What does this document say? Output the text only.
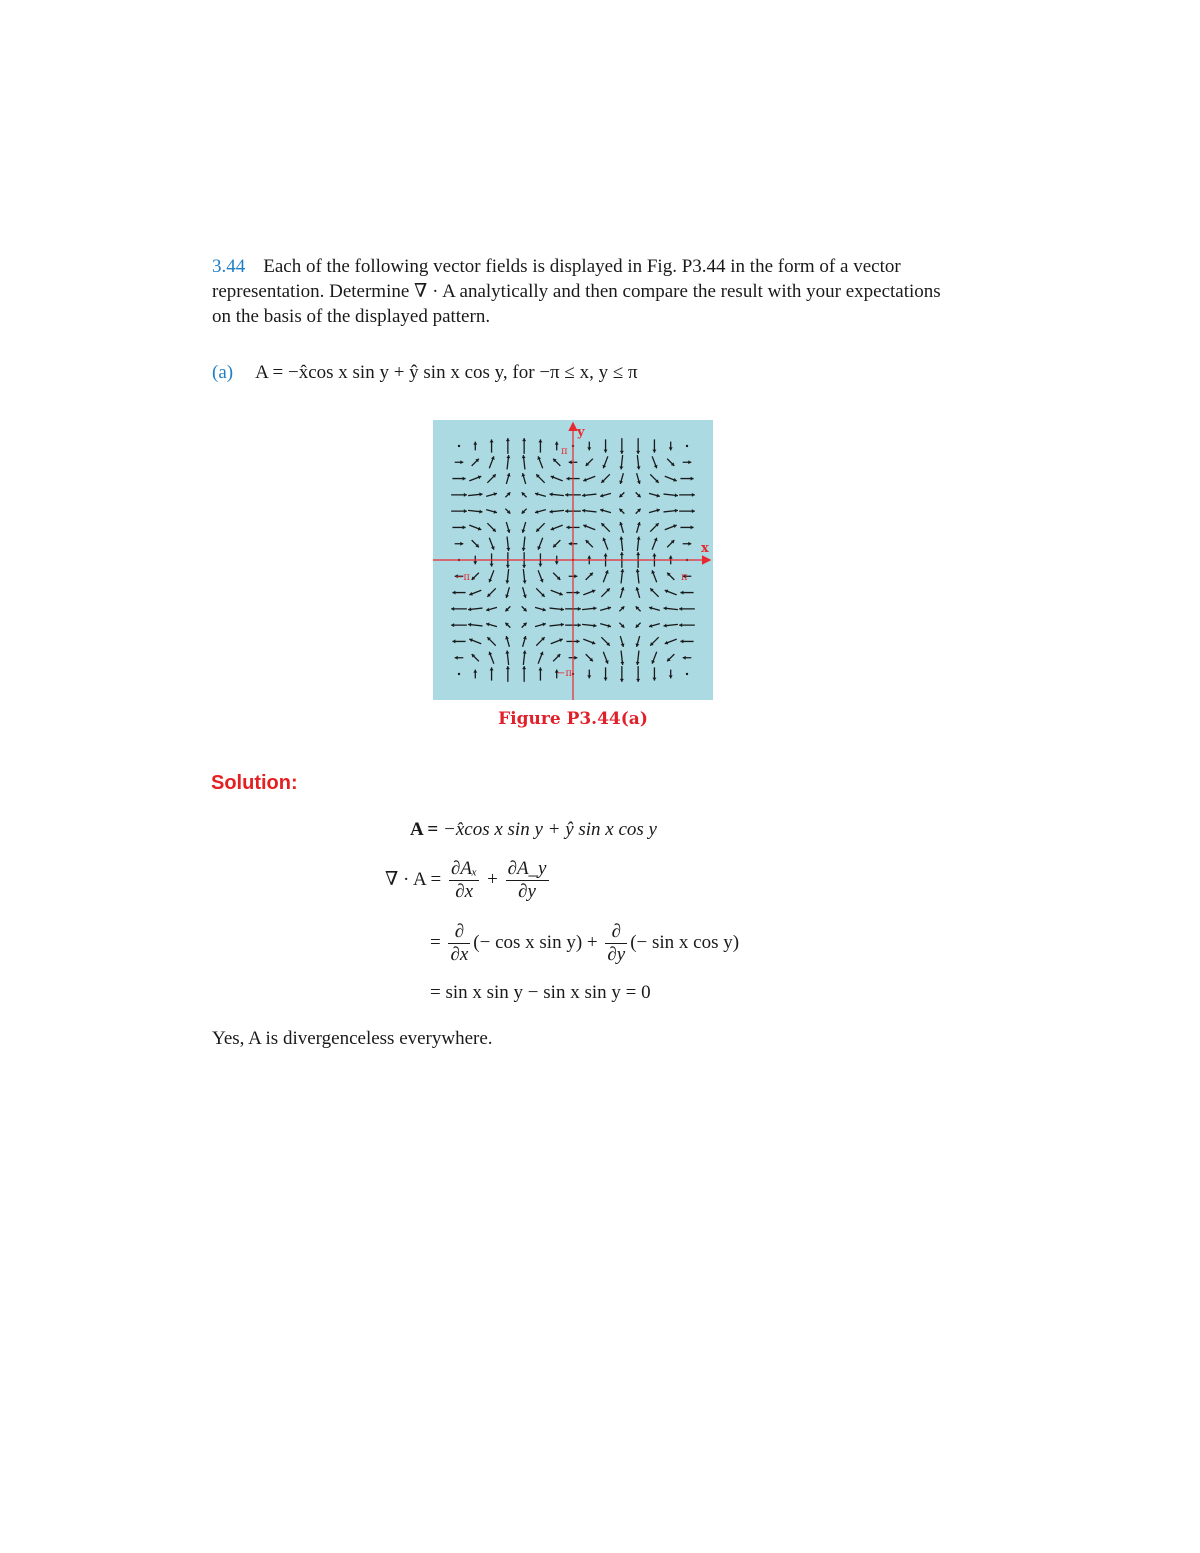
3.44 Each of the following vector fields is displayed in Fig. P3.44 in the form of a vector representation. Determine ∇ · A analytically and then compare the result with your expectations on the basis of the displayed pattern.
(a) A = −x̂cos x sin y + ŷ sin x cos y, for −π ≤ x, y ≤ π
x
y
π
−π
−π	π
Figure P3.44(a)
Solution:
A = −x̂cos x sin y + ŷ sin x cos y
∇ · $A = \frac{\text{∂Aₓ}}{\partial x} + \frac{\partial A\_y}{\partial y}$
= $\frac{\partial}{\partial x}$ (− cos x $\sin y) + \frac{\partial}{\partial y}$ (− sin x cos y)
= sin x sin y − sin x sin y = 0
Yes, A is divergenceless everywhere.
